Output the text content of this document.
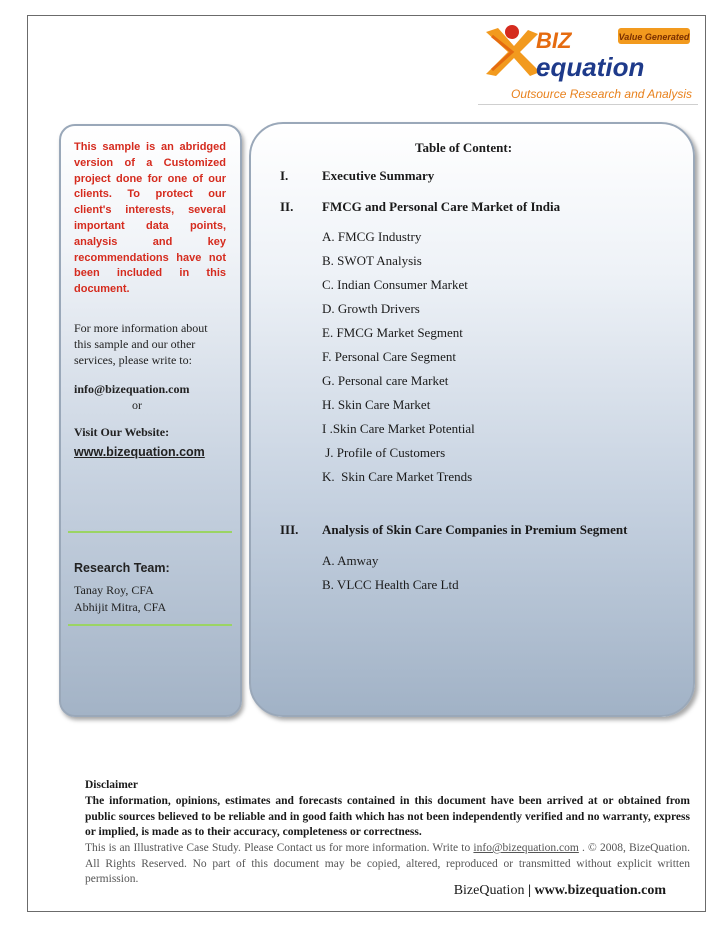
BIZ
equation
Value Generated
Outsource Research and Analysis
This sample is an abridged version of a Customized project done for one of our clients. To protect our client's interests, several important data points, analysis and key recommendations have not been included in this document.
For more information about
this sample and our other
services, please write to:
info@bizequation.com
or
Visit Our Website:
www.bizequation.com
Research Team:
Tanay Roy, CFA
Abhijit Mitra, CFA
Table of Content:
I.	Executive Summary
II. FMCG and Personal Care Market of India
A. FMCG Industry
B. SWOT Analysis
C. Indian Consumer Market
D. Growth Drivers
E. FMCG Market Segment
F. Personal Care Segment
G. Personal care Market
H. Skin Care Market
I .Skin Care Market Potential
J. Profile of Customers
K.  Skin Care Market Trends
III. Analysis of Skin Care Companies in Premium Segment
A. Amway
B. VLCC Health Care Ltd
Disclaimer
The information, opinions, estimates and forecasts contained in this document have been arrived at or obtained from public sources believed to be reliable and in good faith which has not been independently verified and no warranty, express or implied, is made as to their accuracy, completeness or correctness.
This is an Illustrative Case Study. Please Contact us for more information. Write to info@bizequation.com . © 2008, BizeQuation. All Rights Reserved. No part of this document may be copied, altered, reproduced or transmitted without explicit written permission.
BizeQuation | www.bizequation.com
